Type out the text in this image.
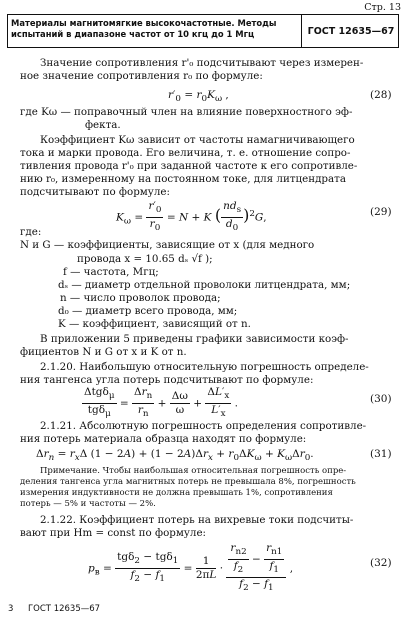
Стр. 13
Материалы магнитомягкие высокочастотные. Методы
испытаний в диапазоне частот от 10 кгц до 1 Мгц	ГОСТ 12635—67
Значение сопротивления r'₀ подсчитывают через измерен-
ное значение сопротивления r₀ по формуле:
$r'_0 = r_0K_\omega$ ,	(28)
где Kω — поправочный член на влияние поверхностного эф-
фекта.
Коэффициент Kω зависит от частоты намагничивающего
тока и марки провода. Его величина, т. е. отношение сопро-
тивления провода r'₀ при заданной частоте к его сопротивле-
нию r₀, измеренному на постоянном токе, для литцендрата
подсчитывают по формуле:
$K_\omega = \frac{r'_0}{r_0} = N + K$ ( $\frac{nd_s}{d_0} )^2G$,	(29)
где:
N и G — коэффициенты, зависящие от x (для медного
провода x = 10.65 dₛ √f );
f — частота, Мгц;
dₛ — диаметр отдельной проволоки литцендрата, мм;
n — число проволок провода;
d₀ — диаметр всего провода, мм;
K — коэффициент, зависящий от n.
В приложении 5 приведены графики зависимости коэф-
фициентов N и G от x и K от n.
2.1.20. Наибольшую относительную погрешность определе-
ния тангенса угла потерь подсчитывают по формуле:
$\frac{\Delta tg\delta_\mu}{tg\delta_\mu} = \frac{\Delta r_n}{r_n} + \frac{\Delta\omega}{\omega} + \frac{\Delta L'_x}{L'_x}$ .	(30)
2.1.21. Абсолютную погрешность определения сопротивле-
ния потерь материала образца находят по формуле:
$\Delta r_n = r_x\Delta$ $(1 - 2A) + (1 - 2A)\Delta r_x + r_0\Delta K_\omega + K_\omega\Delta r_0$.	(31)
Примечание. Чтобы наибольшая относительная погрешность опре-
деления тангенса угла магнитных потерь не превышала 8%, погрешность
измерения индуктивности не должна превышать 1%, сопротивления
потерь — 5% и частоты — 2%.
2.1.22. Коэффициент потерь на вихревые токи подсчиты-
вают при Hm = const по формуле:
$p_в = \frac{tg\delta_2 - tg\delta_1}{f_2 - f_1} = \frac{1}{2\pi L} \cdot \frac{\frac{r_{n2}}{f_2} - \frac{r_{n1}}{f_1}}{f_2 - f_1}$ ,	(32)
3 ГОСТ 12635—67
